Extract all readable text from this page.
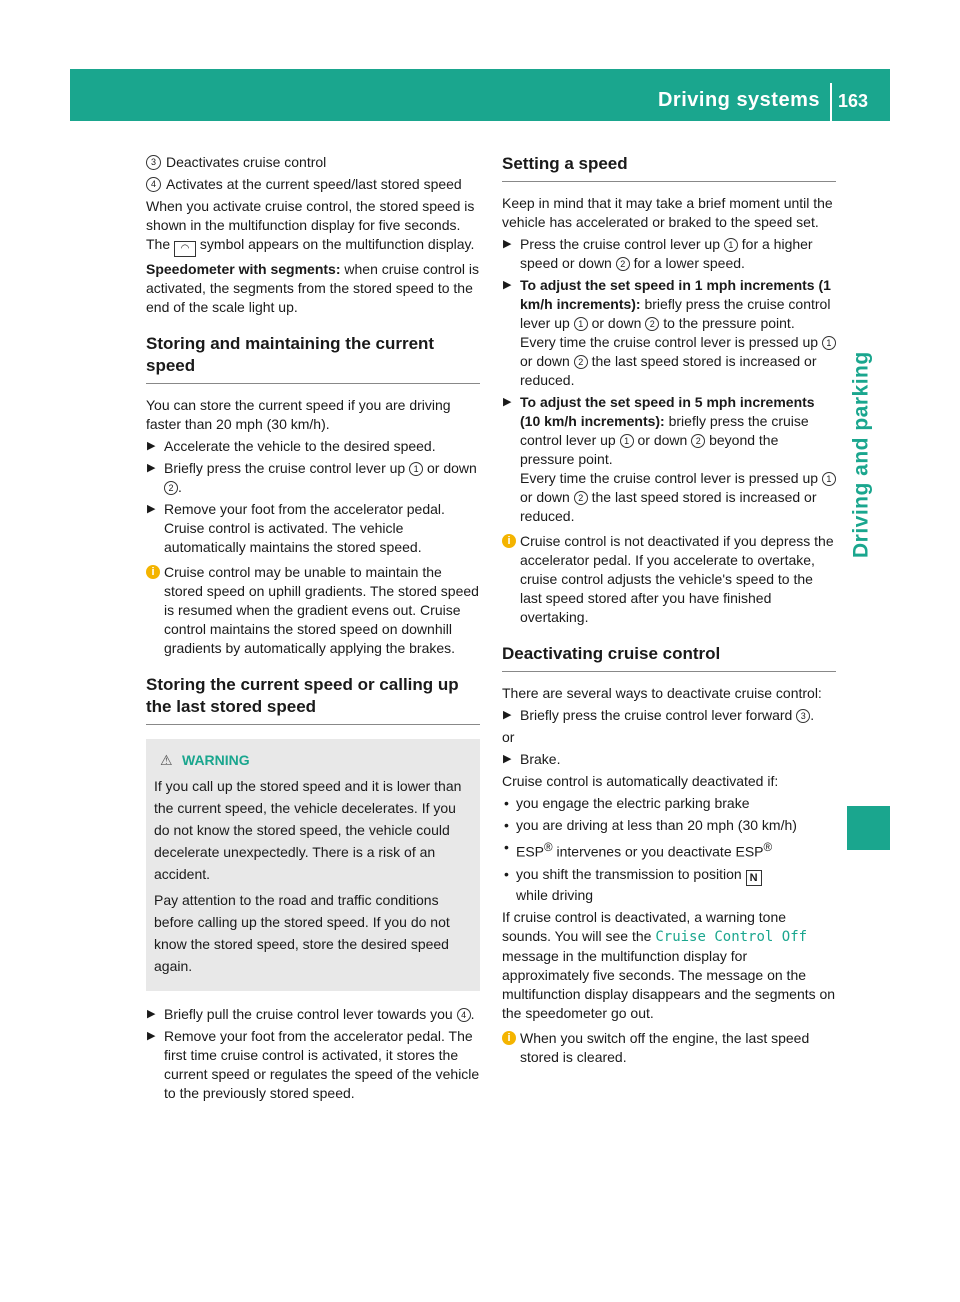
Driving systems 163
Driving and parking
3 Deactivates cruise control
4 Activates at the current speed/last stored speed

When you activate cruise control, the stored speed is shown in the multifunction display for five seconds. The ◠ symbol appears on the multifunction display.

Speedometer with segments: when cruise control is activated, the segments from the stored speed to the end of the scale light up.

Storing and maintaining the current speed

You can store the current speed if you are driving faster than 20 mph (30 km/h).

▶ Accelerate the vehicle to the desired speed.
▶ Briefly press the cruise control lever up 1 or down 2 .
▶ Remove your foot from the accelerator pedal. Cruise control is activated. The vehicle automatically maintains the stored speed.
i Cruise control may be unable to maintain the stored speed on uphill gradients. The stored speed is resumed when the gradient evens out. Cruise control maintains the stored speed on downhill gradients by automatically applying the brakes.
Storing the current speed or calling up the last stored speed
⚠ WARNING

If you call up the stored speed and it is lower than the current speed, the vehicle decelerates. If you do not know the stored speed, the vehicle could decelerate unexpectedly. There is a risk of an accident.

Pay attention to the road and traffic conditions before calling up the stored speed. If you do not know the stored speed, store the desired speed again.

▶ Briefly pull the cruise control lever towards you 4 .
▶ Remove your foot from the accelerator pedal. The first time cruise control is activated, it stores the current speed or regulates the speed of the vehicle to the previously stored speed.
Setting a speed

Keep in mind that it may take a brief moment until the vehicle has accelerated or braked to the speed set.

▶ Press the cruise control lever up 1 for a higher speed or down 2 for a lower speed.
▶ To adjust the set speed in 1 mph increments (1 km/h increments): briefly press the cruise control lever up 1 or down 2 to the pressure point.
Every time the cruise control lever is pressed up 1 or down 2 the last speed stored is increased or reduced.
▶ To adjust the set speed in 5 mph increments (10 km/h increments): briefly press the cruise control lever up 1 or down 2 beyond the pressure point.
Every time the cruise control lever is pressed up 1 or down 2 the last speed stored is increased or reduced.
i Cruise control is not deactivated if you depress the accelerator pedal. If you accelerate to overtake, cruise control adjusts the vehicle's speed to the last speed stored after you have finished overtaking.
Deactivating cruise control

There are several ways to deactivate cruise control:

▶ Briefly press the cruise control lever forward 3 .

or

▶ Brake.

Cruise control is automatically deactivated if:

• you engage the electric parking brake
• you are driving at less than 20 mph (30 km/h)
• ESP® intervenes or you deactivate ESP®
• you shift the transmission to position N
while driving

If cruise control is deactivated, a warning tone sounds. You will see the Cruise Control Off message in the multifunction display for approximately five seconds. The message on the multifunction display disappears and the segments on the speedometer go out.

i When you switch off the engine, the last speed stored is cleared.
